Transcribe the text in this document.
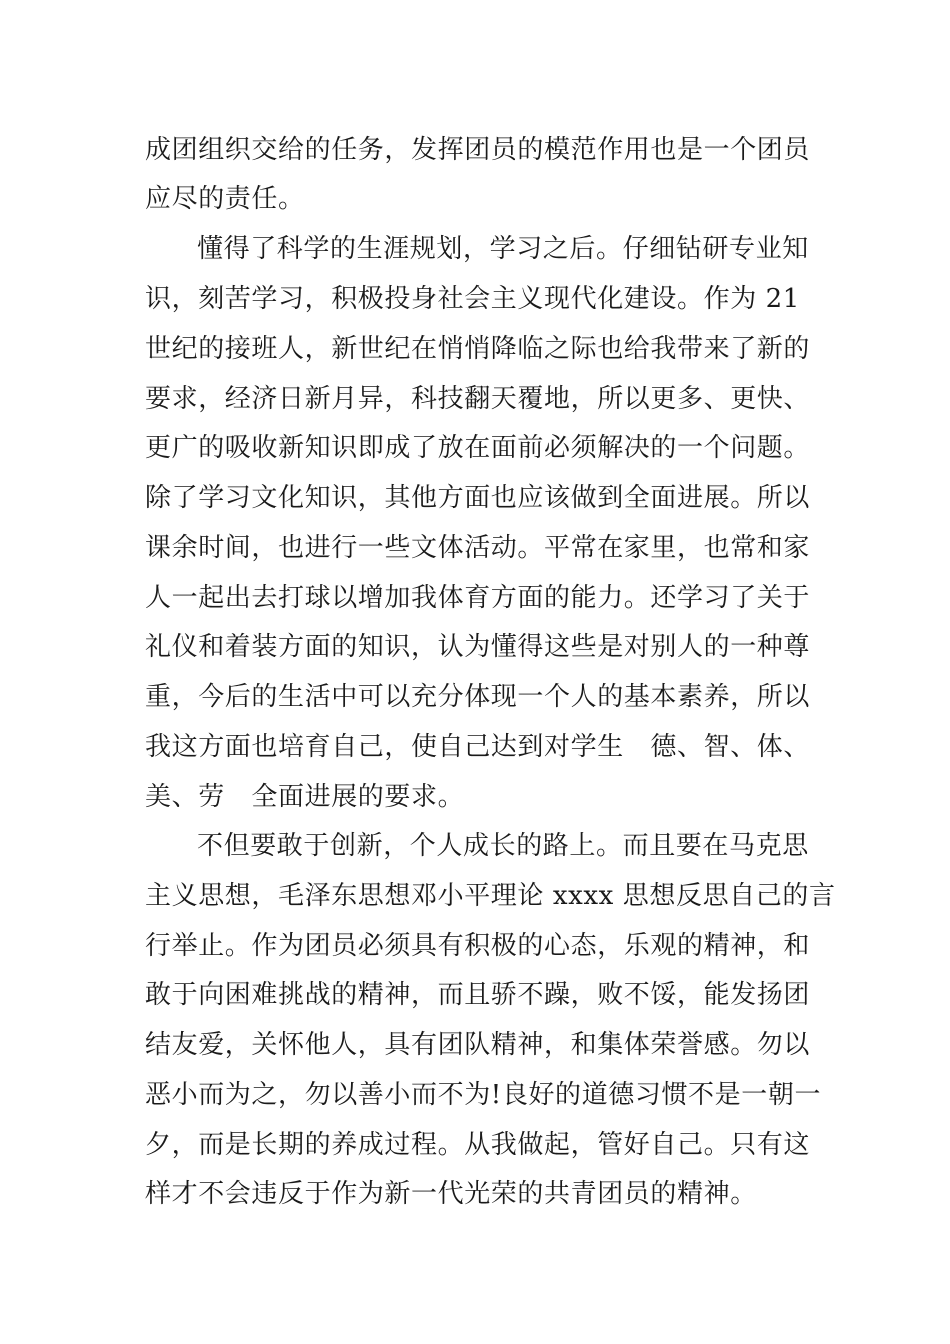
成团组织交给的任务，发挥团员的模范作用也是一个团员
应尽的责任。
懂得了科学的生涯规划，学习之后。仔细钻研专业知
识，刻苦学习，积极投身社会主义现代化建设。作为 21
世纪的接班人，新世纪在悄悄降临之际也给我带来了新的
要求，经济日新月异，科技翻天覆地，所以更多、更快、
更广的吸收新知识即成了放在面前必须解决的一个问题。
除了学习文化知识，其他方面也应该做到全面进展。所以
课余时间，也进行一些文体活动。平常在家里，也常和家
人一起出去打球以增加我体育方面的能力。还学习了关于
礼仪和着装方面的知识，认为懂得这些是对别人的一种尊
重，今后的生活中可以充分体现一个人的基本素养，所以
我这方面也培育自己，使自己达到对学生   德、智、体、
美、劳   全面进展的要求。
不但要敢于创新，个人成长的路上。而且要在马克思
主义思想，毛泽东思想邓小平理论 xxxx 思想反思自己的言
行举止。作为团员必须具有积极的心态，乐观的精神，和
敢于向困难挑战的精神，而且骄不躁，败不馁，能发扬团
结友爱，关怀他人，具有团队精神，和集体荣誉感。勿以
恶小而为之，勿以善小而不为!良好的道德习惯不是一朝一
夕，而是长期的养成过程。从我做起，管好自己。只有这
样才不会违反于作为新一代光荣的共青团员的精神。
